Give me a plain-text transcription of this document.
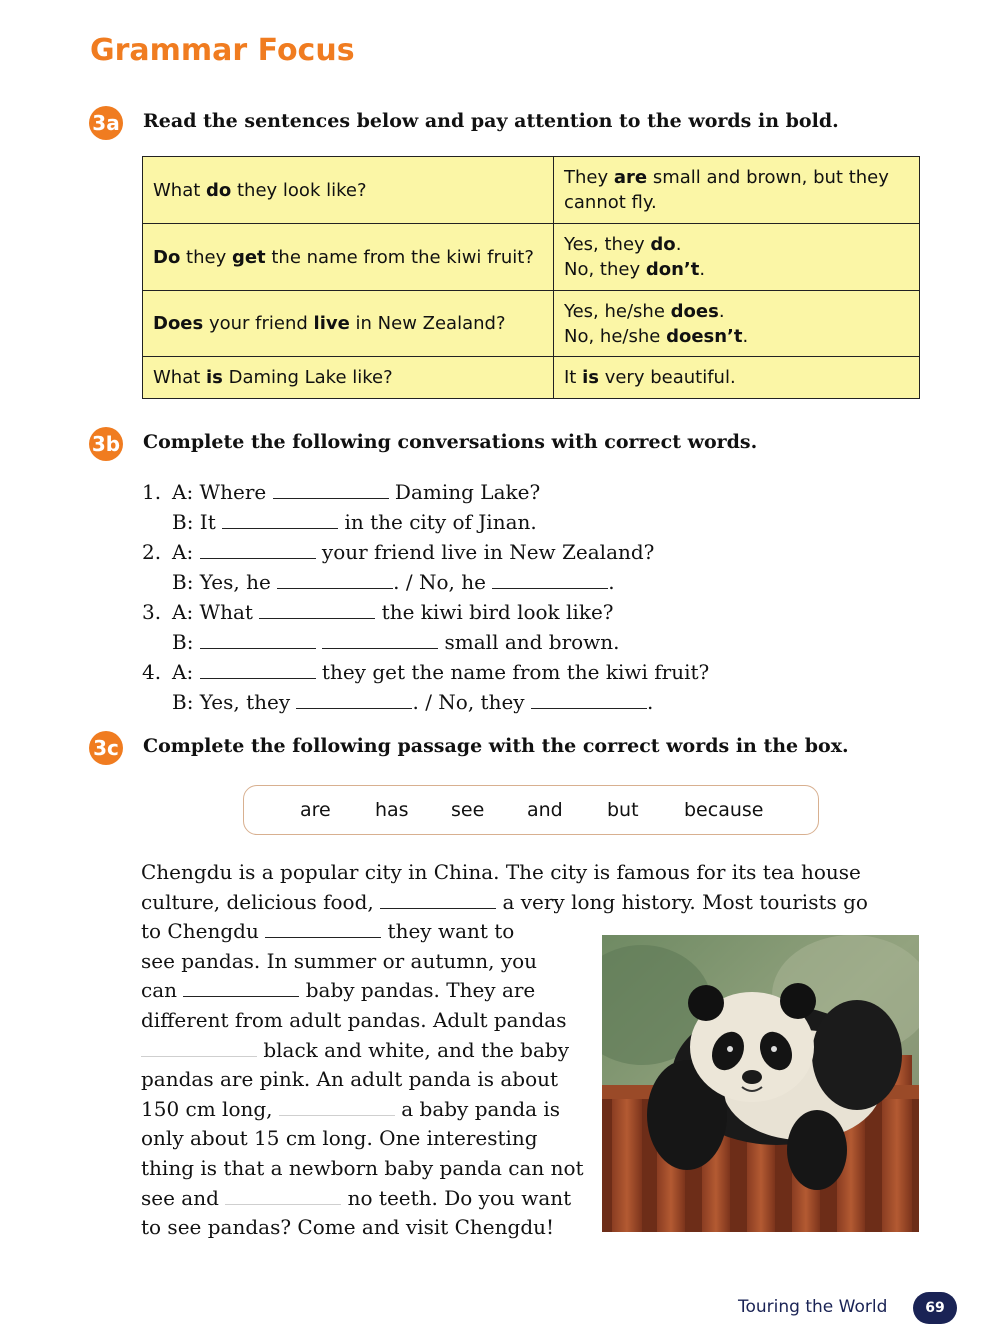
Grammar Focus
3a Read the sentences below and pay attention to the words in bold.
What do they look like?	They are small and brown, but they
cannot fly.

Do they get the name from the kiwi fruit?	Yes, they do.
No, they don’t.

Does your friend live in New Zealand?	Yes, he/she does.
No, he/she doesn’t.

What is Daming Lake like?	It is very beautiful.
3b Complete the following conversations with correct words.
1. A: Where	Daming Lake?
B: It	in the city of Jinan.
2. A:	your friend live in New Zealand?
B: Yes, he	. / No, he	.
3. A: What	the kiwi bird look like?
B:	small and brown.
4. A:	they get the name from the kiwi fruit?
B: Yes, they	. / No, they	.
3c Complete the following passage with the correct words in the box.
are has see and but because
Chengdu is a popular city in China. The city is famous for its tea house
culture, delicious food,	a very long history. Most tourists go
to Chengdu	they want to
see pandas. In summer or autumn, you
can	baby pandas. They are
different from adult pandas. Adult pandas
black and white, and the baby
pandas are pink. An adult panda is about
150 cm long,	a baby panda is
only about 15 cm long. One interesting
thing is that a newborn baby panda can not
see and	no teeth. Do you want
to see pandas? Come and visit Chengdu!
Touring the World	69
